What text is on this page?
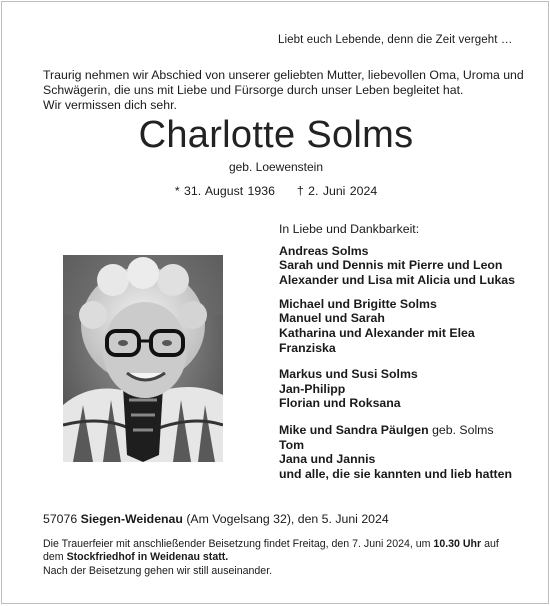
Liebt euch Lebende, denn die Zeit vergeht …
Traurig nehmen wir Abschied von unserer geliebten Mutter, liebevollen Oma, Uroma und
Schwägerin, die uns mit Liebe und Fürsorge durch unser Leben begleitet hat.
Wir vermissen dich sehr.
Charlotte Solms
geb. Loewenstein
* 31. August 1936 † 2. Juni 2024
In Liebe und Dankbarkeit:
Andreas Solms
Sarah und Dennis mit Pierre und Leon
Alexander und Lisa mit Alicia und Lukas
Michael und Brigitte Solms
Manuel und Sarah
Katharina und Alexander mit Elea
Franziska
Markus und Susi Solms
Jan-Philipp
Florian und Roksana
Mike und Sandra Päulgen geb. Solms
Tom
Jana und Jannis
und alle, die sie kannten und lieb hatten
57076 Siegen-Weidenau (Am Vogelsang 32), den 5. Juni 2024
Die Trauerfeier mit anschließender Beisetzung findet Freitag, den 7. Juni 2024, um 10.30 Uhr auf
dem Stockfriedhof in Weidenau statt.
Nach der Beisetzung gehen wir still auseinander.
